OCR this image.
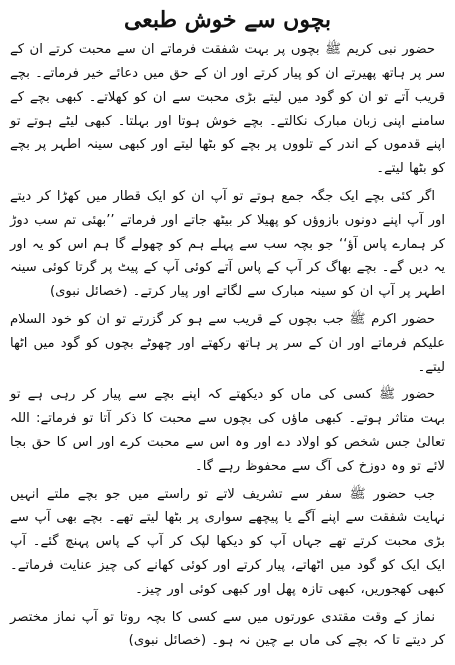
بچوں سے خوش طبعی

حضور نبی کریم ﷺ بچوں پر بہت شفقت فرماتے ان سے محبت کرتے ان کے سر پر ہاتھ پھیرتے ان کو پیار کرتے اور ان کے حق میں دعائے خیر فرماتے۔ بچے قریب آتے تو ان کو گود میں لیتے بڑی محبت سے ان کو کھلاتے۔ کبھی بچے کے سامنے اپنی زبان مبارک نکالتے۔ بچے خوش ہوتا اور بہلتا۔ کبھی لیٹے ہوتے تو اپنے قدموں کے اندر کے تلووں پر بچے کو بٹھا لیتے اور کبھی سینہ اطہر پر بچے کو بٹھا لیتے۔

اگر کئی بچے ایک جگہ جمع ہوتے تو آپ ان کو ایک قطار میں کھڑا کر دیتے اور آپ اپنے دونوں بازوؤں کو پھیلا کر بیٹھ جاتے اور فرماتے ’’بھئی تم سب دوڑ کر ہمارے پاس آؤ‘‘ جو بچہ سب سے پہلے ہم کو چھولے گا ہم اس کو یہ اور یہ دیں گے۔ بچے بھاگ کر آپ کے پاس آتے کوئی آپ کے پیٹ پر گرتا کوئی سینہ اطہر پر آپ ان کو سینہ مبارک سے لگاتے اور پیار کرتے۔ (خصائل نبوی)

حضور اکرم ﷺ جب بچوں کے قریب سے ہو کر گزرتے تو ان کو خود السلام علیکم فرماتے اور ان کے سر پر ہاتھ رکھتے اور چھوٹے بچوں کو گود میں اٹھا لیتے۔

حضور ﷺ کسی کی ماں کو دیکھتے کہ اپنے بچے سے پیار کر رہی ہے تو بہت متاثر ہوتے۔ کبھی ماؤں کی بچوں سے محبت کا ذکر آتا تو فرماتے: اللہ تعالیٰ جس شخص کو اولاد دے اور وہ اس سے محبت کرے اور اس کا حق بجا لائے تو وہ دوزخ کی آگ سے محفوظ رہے گا۔

جب حضور ﷺ سفر سے تشریف لاتے تو راستے میں جو بچے ملتے انہیں نہایت شفقت سے اپنے آگے یا پیچھے سواری پر بٹھا لیتے تھے۔ بچے بھی آپ سے بڑی محبت کرتے تھے جہاں آپ کو دیکھا لپک کر آپ کے پاس پہنچ گئے۔ آپ ایک ایک کو گود میں اٹھاتے، پیار کرتے اور کوئی کھانے کی چیز عنایت فرماتے۔ کبھی کھجوریں، کبھی تازہ پھل اور کبھی کوئی اور چیز۔

نماز کے وقت مقتدی عورتوں میں سے کسی کا بچہ روتا تو آپ نماز مختصر کر دیتے تا کہ بچے کی ماں بے چین نہ ہو۔ (خصائل نبوی)
